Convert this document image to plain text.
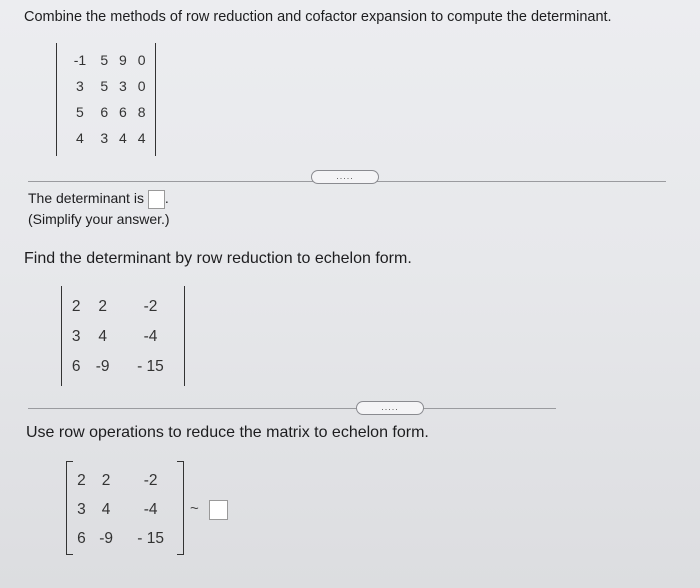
Combine the methods of row reduction and cofactor expansion to compute the determinant.
-1	5	9	0
3	5	3	0
5	6	6	8
4	3	4	4
.....
The determinant is .
(Simplify your answer.)
Find the determinant by row reduction to echelon form.
2	2	-2
3	4	-4
6	-9	- 15
.....
Use row operations to reduce the matrix to echelon form.
2	2	-2
3	4	-4
6	-9	- 15
~
